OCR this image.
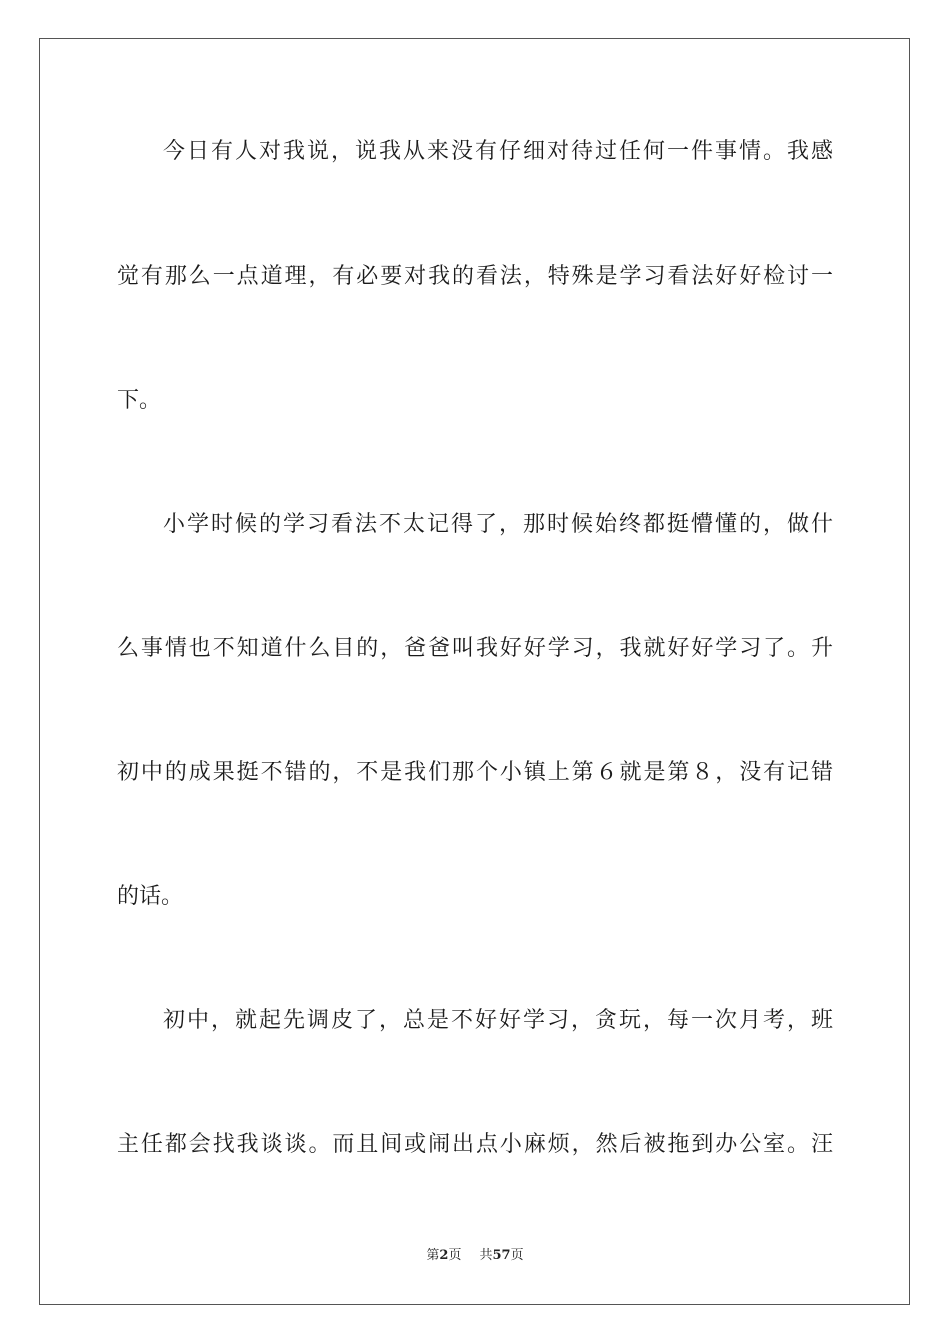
今日有人对我说，说我从来没有仔细对待过任何一件事情。我感
觉有那么一点道理，有必要对我的看法，特殊是学习看法好好检讨一
下。
小学时候的学习看法不太记得了，那时候始终都挺懵懂的，做什
么事情也不知道什么目的，爸爸叫我好好学习，我就好好学习了。升
初中的成果挺不错的，不是我们那个小镇上第６就是第８，没有记错
的话。
初中，就起先调皮了，总是不好好学习，贪玩，每一次月考，班
主任都会找我谈谈。而且间或闹出点小麻烦，然后被拖到办公室。汪
第2页 共57页
